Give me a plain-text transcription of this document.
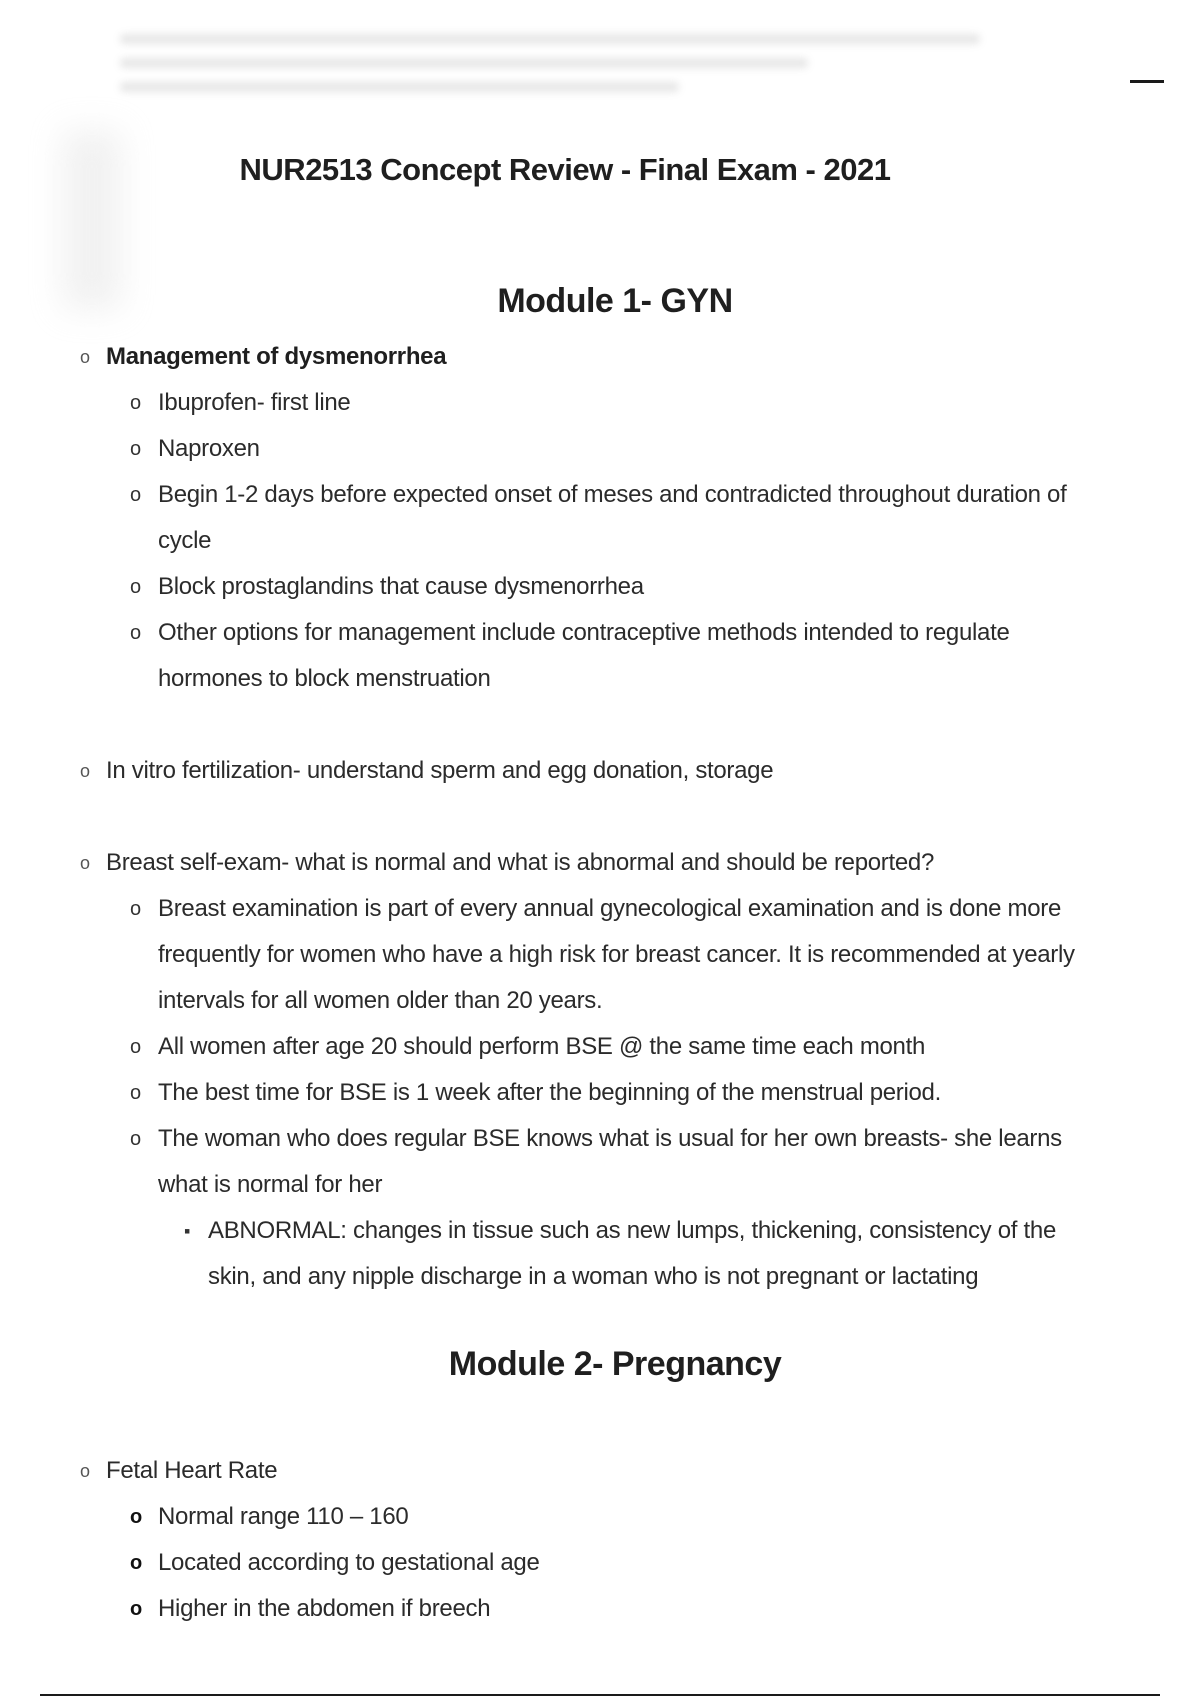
NUR2513 Concept Review - Final Exam - 2021
Module 1- GYN
o Management of dysmenorrhea
o Ibuprofen- first line
o Naproxen
o Begin 1-2 days before expected onset of meses and contradicted throughout duration of cycle
o Block prostaglandins that cause dysmenorrhea
o Other options for management include contraceptive methods intended to regulate hormones to block menstruation
o In vitro fertilization- understand sperm and egg donation, storage
o Breast self-exam- what is normal and what is abnormal and should be reported?
o Breast examination is part of every annual gynecological examination and is done more frequently for women who have a high risk for breast cancer. It is recommended at yearly intervals for all women older than 20 years.
o All women after age 20 should perform BSE @ the same time each month
o The best time for BSE is 1 week after the beginning of the menstrual period.
o The woman who does regular BSE knows what is usual for her own breasts- she learns what is normal for her
▪ ABNORMAL: changes in tissue such as new lumps, thickening, consistency of the skin, and any nipple discharge in a woman who is not pregnant or lactating
Module 2- Pregnancy
o Fetal Heart Rate
o Normal range 110 – 160
o Located according to gestational age
o Higher in the abdomen if breech
